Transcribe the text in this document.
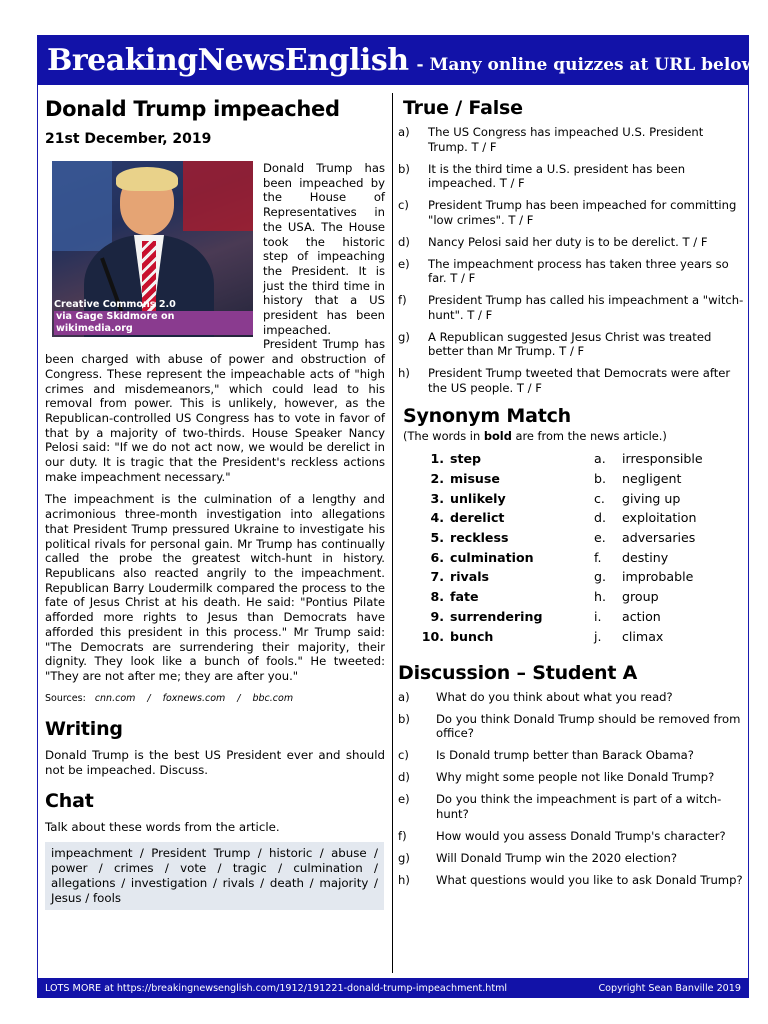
BreakingNewsEnglish - Many online quizzes at URL below
Donald Trump impeached
21st December, 2019
Creative Commons 2.0
via Gage Skidmore on wikimedia.org

Donald Trump has been impeached by the House of Representatives in the USA. The House took the historic step of impeaching the President. It is just the third time in history that a US president has been impeached. President Trump has been charged with abuse of power and obstruction of Congress. These represent the impeachable acts of "high crimes and misdemeanors," which could lead to his removal from power. This is unlikely, however, as the Republican-controlled US Congress has to vote in favor of that by a majority of two-thirds. House Speaker Nancy Pelosi said: "If we do not act now, we would be derelict in our duty. It is tragic that the President's reckless actions make impeachment necessary."

The impeachment is the culmination of a lengthy and acrimonious three-month investigation into allegations that President Trump pressured Ukraine to investigate his political rivals for personal gain. Mr Trump has continually called the probe the greatest witch-hunt in history. Republicans also reacted angrily to the impeachment. Republican Barry Loudermilk compared the process to the fate of Jesus Christ at his death. He said: "Pontius Pilate afforded more rights to Jesus than Democrats have afforded this president in this process." Mr Trump said: "The Democrats are surrendering their majority, their dignity. They look like a bunch of fools." He tweeted: "They are not after me; they are after you."

Sources: cnn.com / foxnews.com / bbc.com
Writing
Donald Trump is the best US President ever and should not be impeached. Discuss.
Chat
Talk about these words from the article.
impeachment / President Trump / historic / abuse / power / crimes / vote / tragic / culmination / allegations / investigation / rivals / death / majority / Jesus / fools
True / False
a)	The US Congress has impeached U.S. President Trump. T / F
b)	It is the third time a U.S. president has been impeached. T / F
c)	President Trump has been impeached for committing "low crimes". T / F
d)	Nancy Pelosi said her duty is to be derelict. T / F
e)	The impeachment process has taken three years so far. T / F
f)	President Trump has called his impeachment a "witch-hunt". T / F
g)	A Republican suggested Jesus Christ was treated better than Mr Trump. T / F
h)	President Trump tweeted that Democrats were after the US people. T / F
Synonym Match
(The words in bold are from the news article.)
1. step	a.	irresponsible
2. misuse	b.	negligent
3. unlikely	c.	giving up
4. derelict	d.	exploitation
5. reckless	e.	adversaries
6. culmination	f.	destiny
7. rivals	g.	improbable
8. fate	h.	group
9. surrendering	i.	action
10. bunch	j.	climax
Discussion – Student A
a)	What do you think about what you read?
b)	Do you think Donald Trump should be removed from office?
c)	Is Donald trump better than Barack Obama?
d)	Why might some people not like Donald Trump?
e)	Do you think the impeachment is part of a witch-hunt?
f)	How would you assess Donald Trump's character?
g)	Will Donald Trump win the 2020 election?
h)	What questions would you like to ask Donald Trump?
LOTS MORE at https://breakingnewsenglish.com/1912/191221-donald-trump-impeachment.html	Copyright Sean Banville 2019
